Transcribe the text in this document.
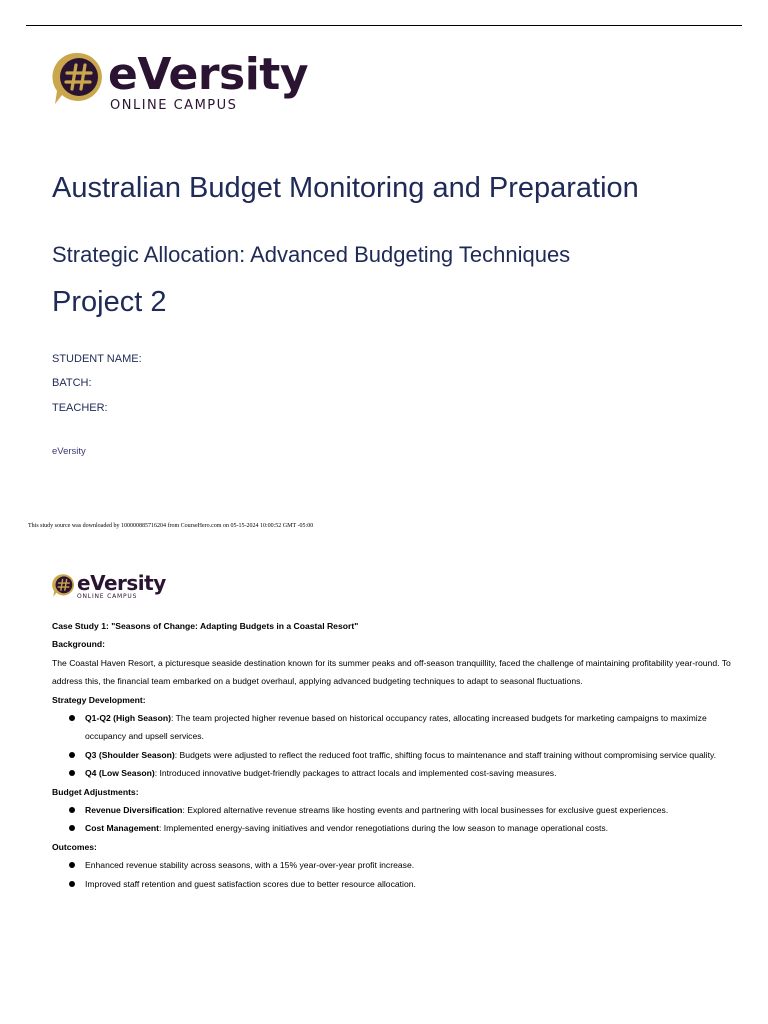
eVersity
ONLINE CAMPUS
Australian Budget Monitoring and Preparation
Strategic Allocation: Advanced Budgeting Techniques
Project 2
STUDENT NAME:
BATCH:
TEACHER:
eVersity
This study source was downloaded by 100000885716204 from CourseHero.com on 05-15-2024 10:00:52 GMT -05:00
eVersity
ONLINE CAMPUS

Case Study 1: "Seasons of Change: Adapting Budgets in a Coastal Resort"

Background:

The Coastal Haven Resort, a picturesque seaside destination known for its summer peaks and off-season tranquillity, faced the challenge of maintaining profitability year-round. To address this, the financial team embarked on a budget overhaul, applying advanced budgeting techniques to adapt to seasonal fluctuations.

Strategy Development:

Q1-Q2 (High Season): The team projected higher revenue based on historical occupancy rates, allocating increased budgets for marketing campaigns to maximize occupancy and upsell services.
Q3 (Shoulder Season): Budgets were adjusted to reflect the reduced foot traffic, shifting focus to maintenance and staff training without compromising service quality.
Q4 (Low Season): Introduced innovative budget-friendly packages to attract locals and implemented cost-saving measures.

Budget Adjustments:

Revenue Diversification: Explored alternative revenue streams like hosting events and partnering with local businesses for exclusive guest experiences.
Cost Management: Implemented energy-saving initiatives and vendor renegotiations during the low season to manage operational costs.

Outcomes:

Enhanced revenue stability across seasons, with a 15% year-over-year profit increase.
Improved staff retention and guest satisfaction scores due to better resource allocation.
